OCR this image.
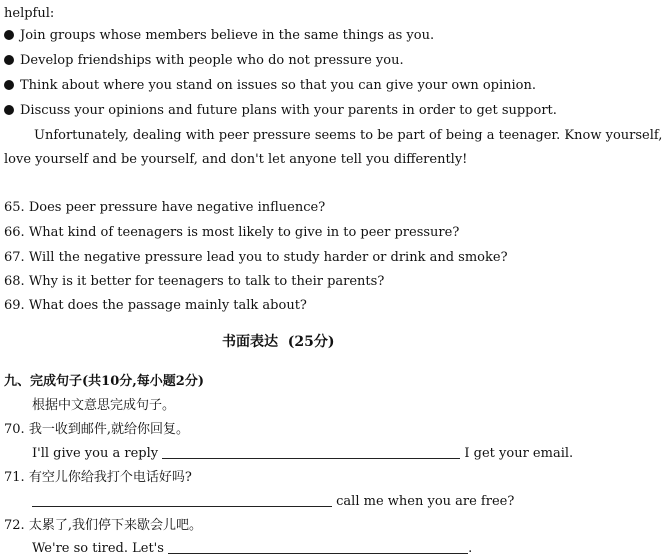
helpful:
Join groups whose members believe in the same things as you.
Develop friendships with people who do not pressure you.
Think about where you stand on issues so that you can give your own opinion.
Discuss your opinions and future plans with your parents in order to get support.
Unfortunately, dealing with peer pressure seems to be part of being a teenager. Know yourself,
love yourself and be yourself, and don't let anyone tell you differently!
65. Does peer pressure have negative influence?
66. What kind of teenagers is most likely to give in to peer pressure?
67. Will the negative pressure lead you to study harder or drink and smoke?
68. Why is it better for teenagers to talk to their parents?
69. What does the passage mainly talk about?
书面表达 (25分)
九、完成句子(共10分,每小题2分)
根据中文意思完成句子。
70. 我一收到邮件,就给你回复。
I'll give you a reply	I get your email.
71. 有空儿你给我打个电话好吗?
call me when you are free?
72. 太累了,我们停下来歇会儿吧。
We're so tired. Let's	.
